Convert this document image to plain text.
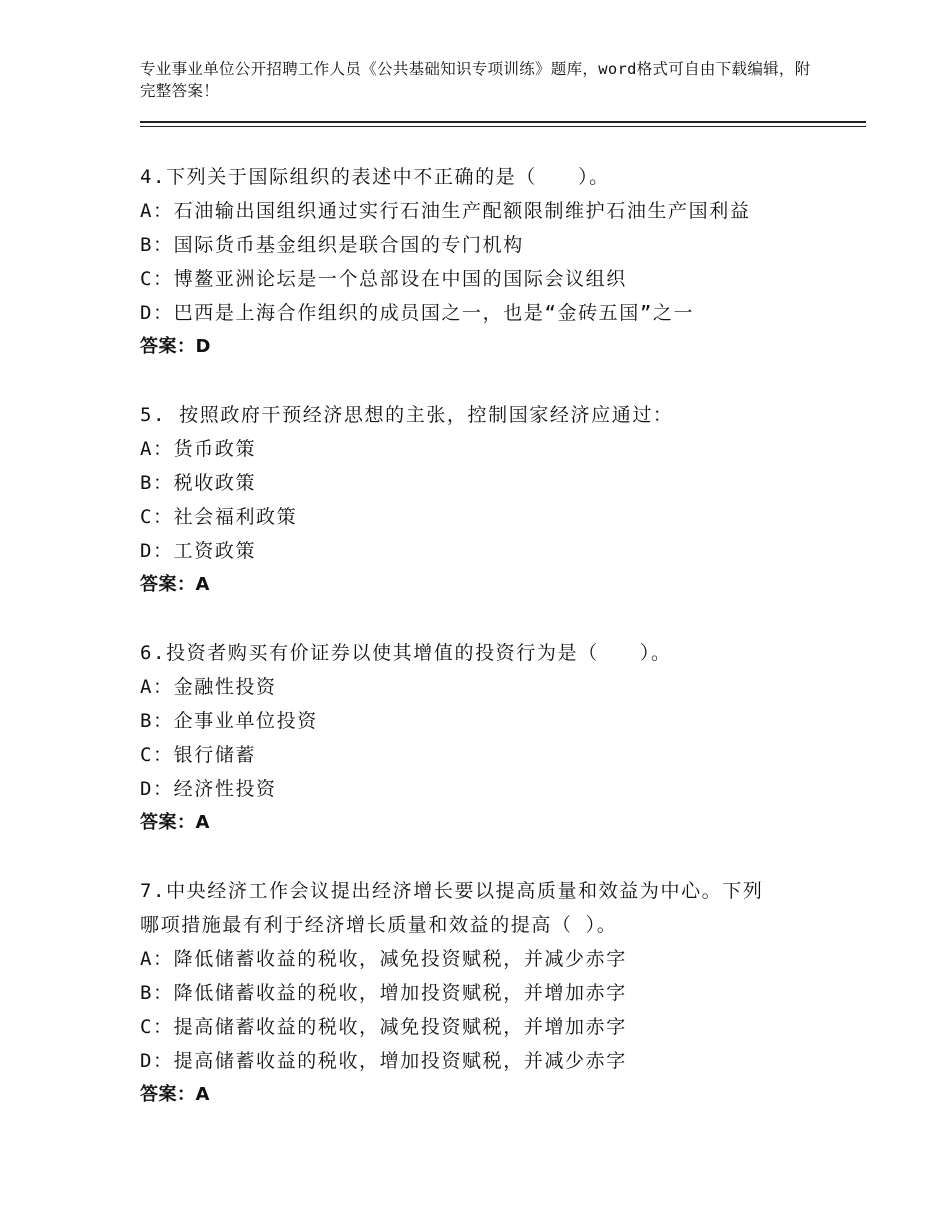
专业事业单位公开招聘工作人员《公共基础知识专项训练》题库，word格式可自由下载编辑，附完整答案！
4.下列关于国际组织的表述中不正确的是（　　）。
A：石油输出国组织通过实行石油生产配额限制维护石油生产国利益
B：国际货币基金组织是联合国的专门机构
C：博鳌亚洲论坛是一个总部设在中国的国际会议组织
D：巴西是上海合作组织的成员国之一，也是“金砖五国”之一
答案：D
5. 按照政府干预经济思想的主张，控制国家经济应通过：
A：货币政策
B：税收政策
C：社会福利政策
D：工资政策
答案：A
6.投资者购买有价证券以使其增值的投资行为是（　　）。
A：金融性投资
B：企事业单位投资
C：银行储蓄
D：经济性投资
答案：A
7.中央经济工作会议提出经济增长要以提高质量和效益为中心。下列
哪项措施最有利于经济增长质量和效益的提高（ ）。
A：降低储蓄收益的税收，减免投资赋税，并减少赤字
B：降低储蓄收益的税收，增加投资赋税，并增加赤字
C：提高储蓄收益的税收，减免投资赋税，并增加赤字
D：提高储蓄收益的税收，增加投资赋税，并减少赤字
答案：A
